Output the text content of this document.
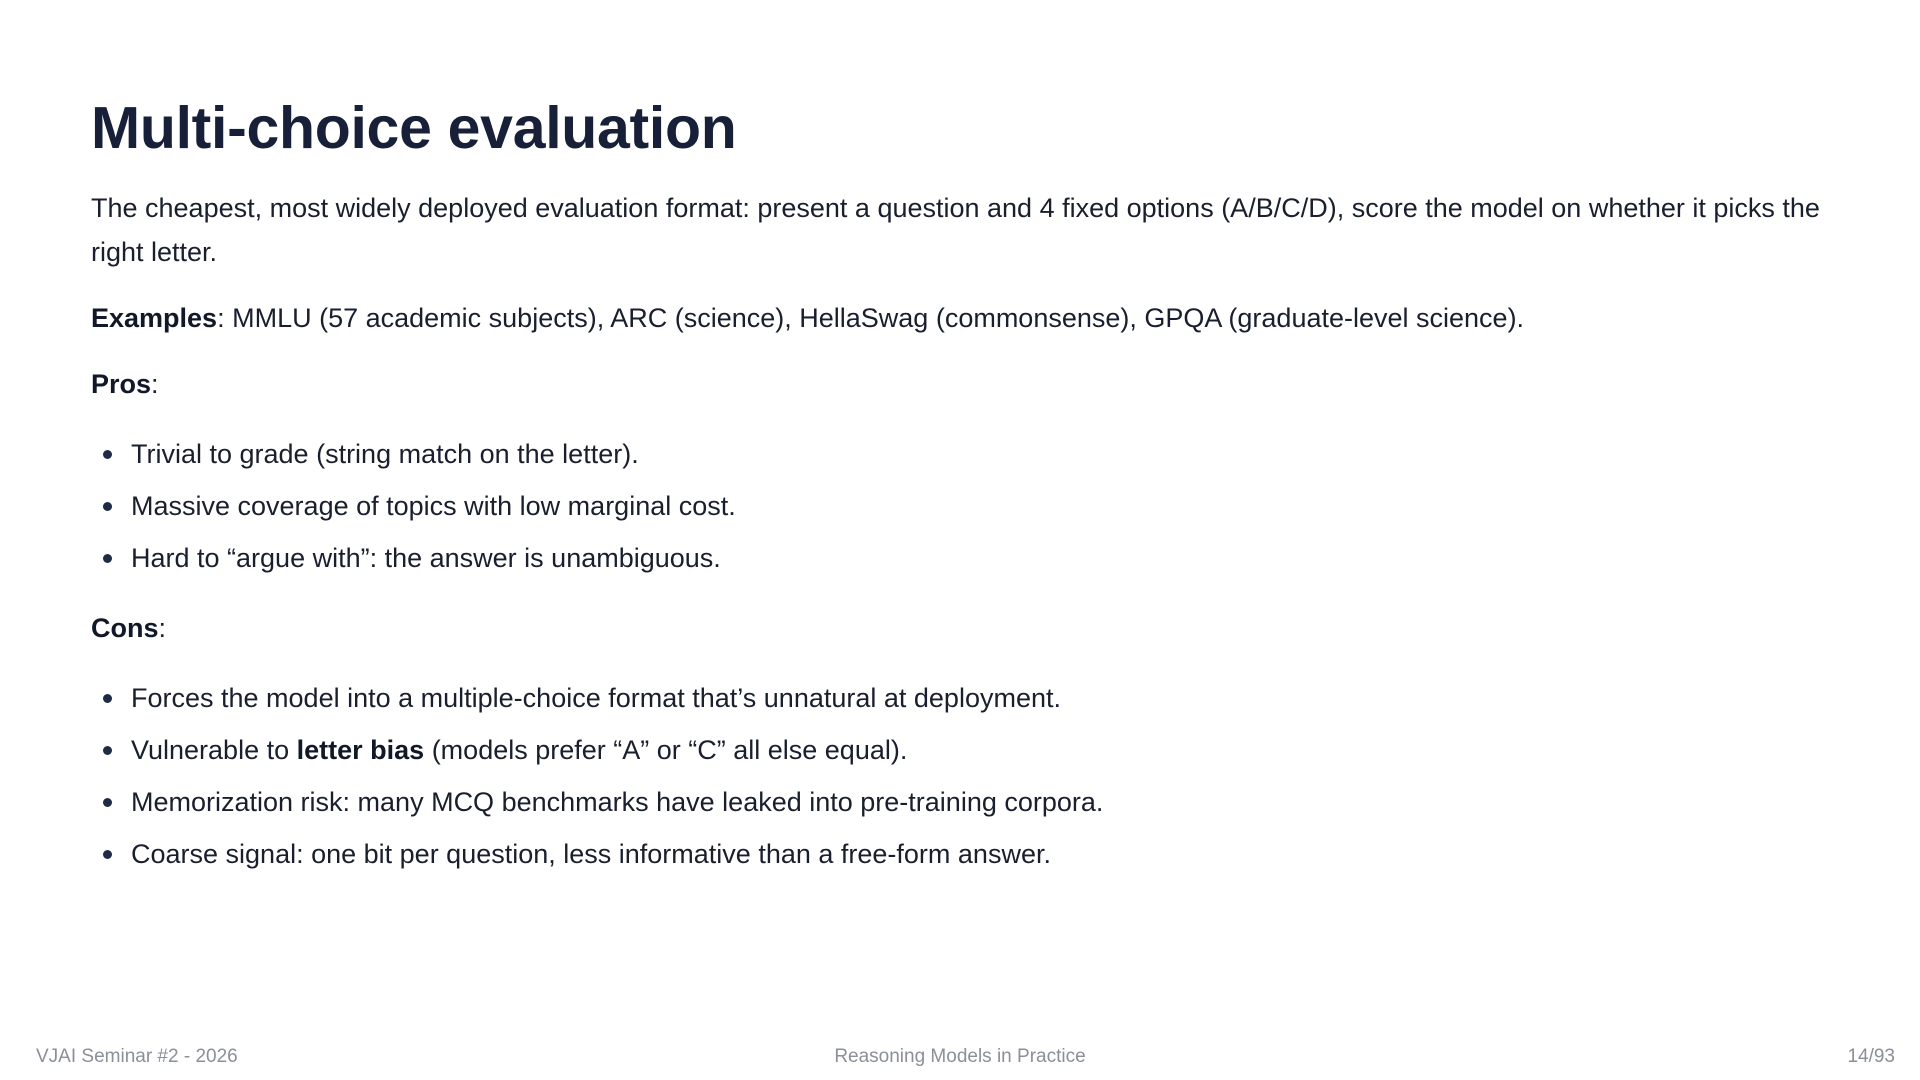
Multi-choice evaluation

The cheapest, most widely deployed evaluation format: present a question and 4 fixed options (A/B/C/D), score the model on whether it picks the right letter.

Examples: MMLU (57 academic subjects), ARC (science), HellaSwag (commonsense), GPQA (graduate-level science).

Pros:

Trivial to grade (string match on the letter).
Massive coverage of topics with low marginal cost.
Hard to “argue with”: the answer is unambiguous.

Cons:

Forces the model into a multiple-choice format that’s unnatural at deployment.
Vulnerable to letter bias (models prefer “A” or “C” all else equal).
Memorization risk: many MCQ benchmarks have leaked into pre-training corpora.
Coarse signal: one bit per question, less informative than a free-form answer.
VJAI Seminar #2 - 2026	Reasoning Models in Practice	14/93
